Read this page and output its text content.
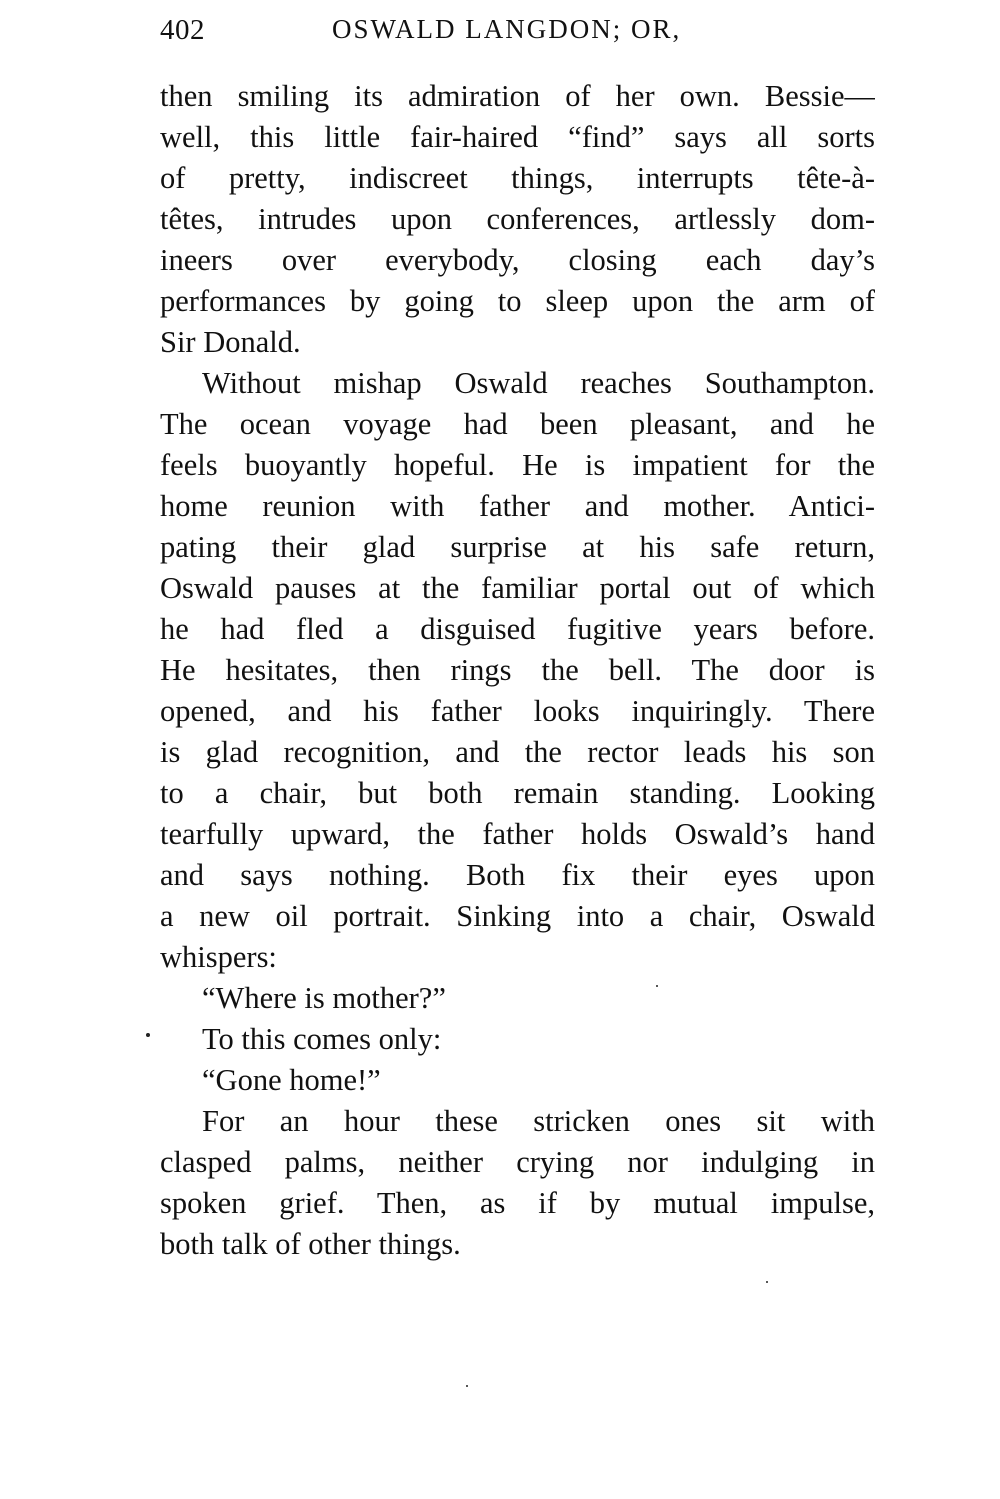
402	OSWALD LANGDON; OR,
then smiling its admiration of her own. Bessie—
well, this little fair-haired “find” says all sorts
of pretty, indiscreet things, interrupts tête-à-
têtes, intrudes upon conferences, artlessly dom-
ineers over everybody, closing each day’s
performances by going to sleep upon the arm of
Sir Donald.
Without mishap Oswald reaches Southampton.
The ocean voyage had been pleasant, and he
feels buoyantly hopeful. He is impatient for the
home reunion with father and mother. Antici-
pating their glad surprise at his safe return,
Oswald pauses at the familiar portal out of which
he had fled a disguised fugitive years before.
He hesitates, then rings the bell. The door is
opened, and his father looks inquiringly. There
is glad recognition, and the rector leads his son
to a chair, but both remain standing. Looking
tearfully upward, the father holds Oswald’s hand
and says nothing. Both fix their eyes upon
a new oil portrait. Sinking into a chair, Oswald
whispers:
“Where is mother?”
To this comes only:
“Gone home!”
For an hour these stricken ones sit with
clasped palms, neither crying nor indulging in
spoken grief. Then, as if by mutual impulse,
both talk of other things.
